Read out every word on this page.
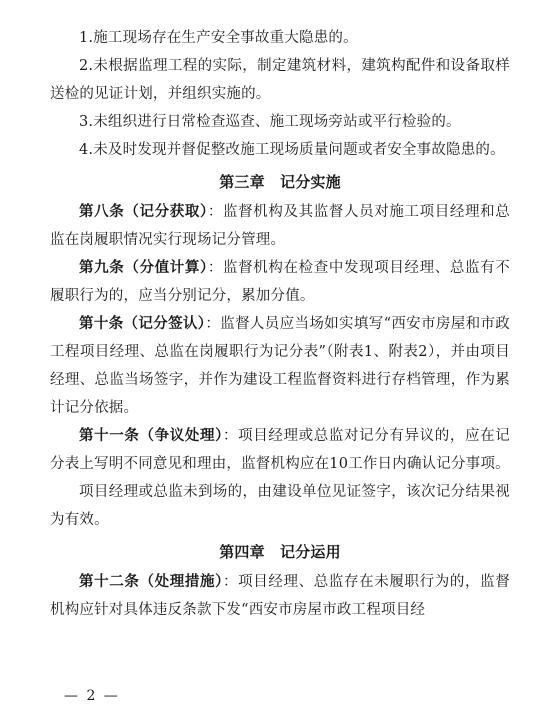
1.施工现场存在生产安全事故重大隐患的。

2.未根据监理工程的实际，制定建筑材料，建筑构配件和设备取样送检的见证计划，并组织实施的。

3.未组织进行日常检查巡查、施工现场旁站或平行检验的。

4.未及时发现并督促整改施工现场质量问题或者安全事故隐患的。

第三章　记分实施

第八条（记分获取）：监督机构及其监督人员对施工项目经理和总监在岗履职情况实行现场记分管理。

第九条（分值计算）：监督机构在检查中发现项目经理、总监有不履职行为的，应当分别记分，累加分值。

第十条（记分签认）：监督人员应当场如实填写“西安市房屋和市政工程项目经理、总监在岗履职行为记分表”（附表1、附表2），并由项目经理、总监当场签字，并作为建设工程监督资料进行存档管理，作为累计记分依据。

第十一条（争议处理）：项目经理或总监对记分有异议的，应在记分表上写明不同意见和理由，监督机构应在10工作日内确认记分事项。

项目经理或总监未到场的，由建设单位见证签字，该次记分结果视为有效。

第四章　记分运用

第十二条（处理措施）：项目经理、总监存在未履职行为的，监督机构应针对具体违反条款下发“西安市房屋市政工程项目经

— 2 —
